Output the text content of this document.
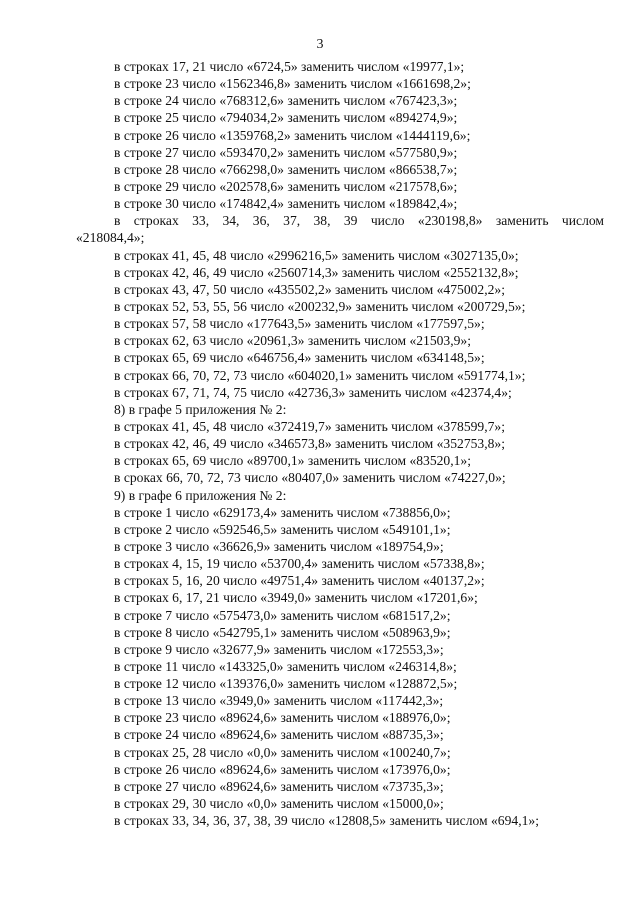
3
в строках 17, 21 число «6724,5» заменить числом «19977,1»;
в строке 23 число «1562346,8» заменить числом «1661698,2»;
в строке 24 число «768312,6» заменить числом «767423,3»;
в строке 25 число «794034,2» заменить числом «894274,9»;
в строке 26 число «1359768,2» заменить числом «1444119,6»;
в строке 27 число «593470,2» заменить числом «577580,9»;
в строке 28 число «766298,0» заменить числом «866538,7»;
в строке 29 число «202578,6» заменить числом «217578,6»;
в строке 30 число «174842,4» заменить числом «189842,4»;
в строках 33, 34, 36, 37, 38, 39 число «230198,8» заменить числом
«218084,4»;
в строках 41, 45, 48 число «2996216,5» заменить числом «3027135,0»;
в строках 42, 46, 49 число «2560714,3» заменить числом «2552132,8»;
в строках 43, 47, 50 число «435502,2» заменить числом «475002,2»;
в строках 52, 53, 55, 56 число «200232,9» заменить числом «200729,5»;
в строках 57, 58 число «177643,5» заменить числом «177597,5»;
в строках 62, 63 число «20961,3» заменить числом «21503,9»;
в строках 65, 69 число «646756,4» заменить числом «634148,5»;
в строках 66, 70, 72, 73 число «604020,1» заменить числом «591774,1»;
в строках 67, 71, 74, 75 число «42736,3» заменить числом «42374,4»;
8) в графе 5 приложения № 2:
в строках 41, 45, 48 число «372419,7» заменить числом «378599,7»;
в строках 42, 46, 49 число «346573,8» заменить числом «352753,8»;
в строках 65, 69 число «89700,1» заменить числом «83520,1»;
в сроках 66, 70, 72, 73 число «80407,0» заменить числом «74227,0»;
9) в графе 6 приложения № 2:
в строке 1 число «629173,4» заменить числом «738856,0»;
в строке 2 число «592546,5» заменить числом «549101,1»;
в строке 3 число «36626,9» заменить числом «189754,9»;
в строках 4, 15, 19 число «53700,4» заменить числом «57338,8»;
в строках 5, 16, 20 число «49751,4» заменить числом «40137,2»;
в строках 6, 17, 21 число «3949,0» заменить числом «17201,6»;
в строке 7 число «575473,0» заменить числом «681517,2»;
в строке 8 число «542795,1» заменить числом «508963,9»;
в строке 9 число «32677,9» заменить числом «172553,3»;
в строке 11 число «143325,0» заменить числом «246314,8»;
в строке 12 число «139376,0» заменить числом «128872,5»;
в строке 13 число «3949,0» заменить числом «117442,3»;
в строке 23 число «89624,6» заменить числом «188976,0»;
в строке 24 число «89624,6» заменить числом «88735,3»;
в строках 25, 28 число «0,0» заменить числом «100240,7»;
в строке 26 число «89624,6» заменить числом «173976,0»;
в строке 27 число «89624,6» заменить числом «73735,3»;
в строках 29, 30 число «0,0» заменить числом «15000,0»;
в строках 33, 34, 36, 37, 38, 39 число «12808,5» заменить числом «694,1»;
